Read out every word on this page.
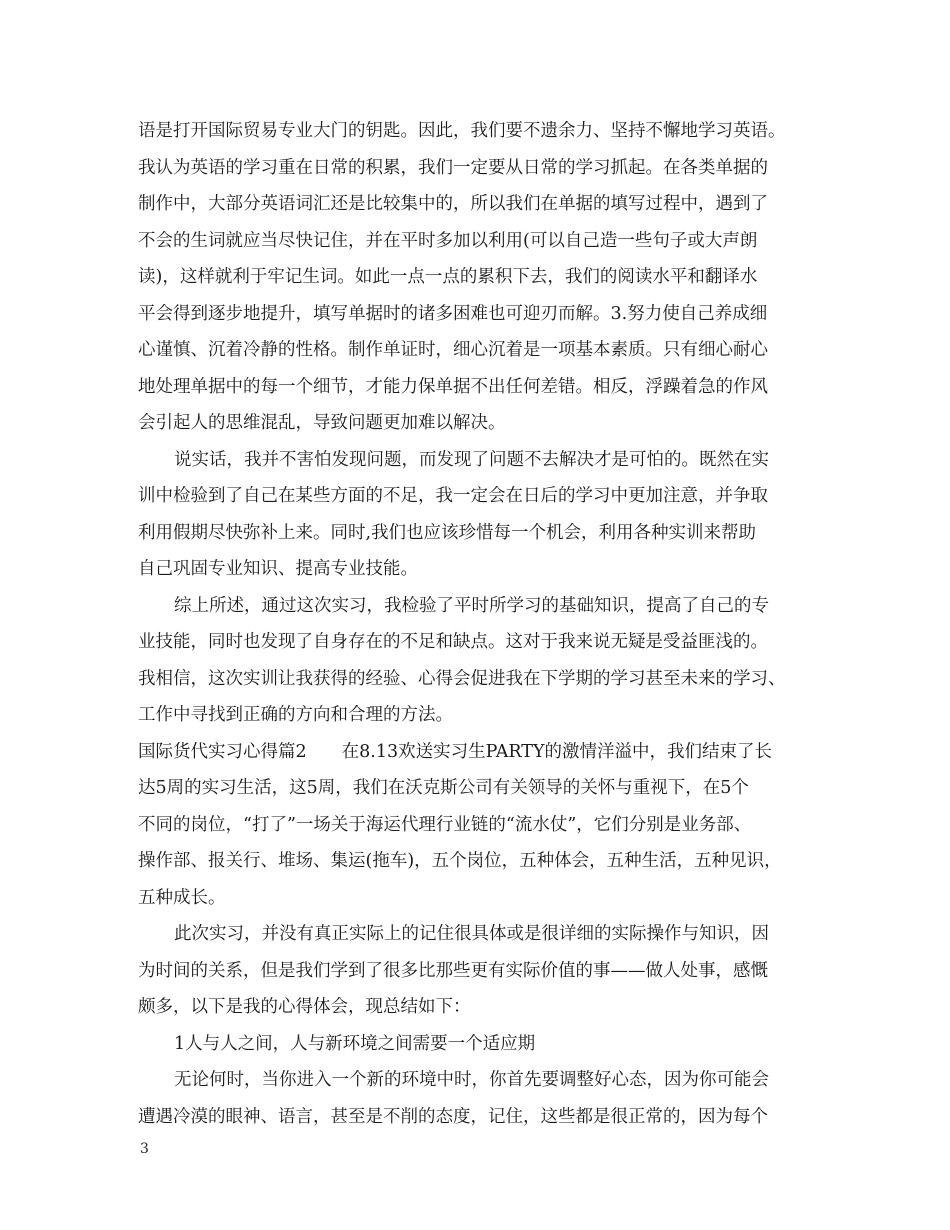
语是打开国际贸易专业大门的钥匙。因此，我们要不遗余力、坚持不懈地学习英语。
我认为英语的学习重在日常的积累，我们一定要从日常的学习抓起。在各类单据的
制作中，大部分英语词汇还是比较集中的，所以我们在单据的填写过程中，遇到了
不会的生词就应当尽快记住，并在平时多加以利用(可以自己造一些句子或大声朗
读)，这样就利于牢记生词。如此一点一点的累积下去，我们的阅读水平和翻译水
平会得到逐步地提升，填写单据时的诸多困难也可迎刃而解。3.努力使自己养成细
心谨慎、沉着冷静的性格。制作单证时，细心沉着是一项基本素质。只有细心耐心
地处理单据中的每一个细节，才能力保单据不出任何差错。相反，浮躁着急的作风
会引起人的思维混乱，导致问题更加难以解决。
说实话，我并不害怕发现问题，而发现了问题不去解决才是可怕的。既然在实
训中检验到了自己在某些方面的不足，我一定会在日后的学习中更加注意，并争取
利用假期尽快弥补上来。同时,我们也应该珍惜每一个机会，利用各种实训来帮助
自己巩固专业知识、提高专业技能。
综上所述，通过这次实习，我检验了平时所学习的基础知识，提高了自己的专
业技能，同时也发现了自身存在的不足和缺点。这对于我来说无疑是受益匪浅的。
我相信，这次实训让我获得的经验、心得会促进我在下学期的学习甚至未来的学习、
工作中寻找到正确的方向和合理的方法。
国际货代实习心得篇2　　在8.13欢送实习生PARTY的激情洋溢中，我们结束了长
达5周的实习生活，这5周，我们在沃克斯公司有关领导的关怀与重视下，在5个
不同的岗位，“打了”一场关于海运代理行业链的“流水仗”，它们分别是业务部、
操作部、报关行、堆场、集运(拖车)，五个岗位，五种体会，五种生活，五种见识，
五种成长。
此次实习，并没有真正实际上的记住很具体或是很详细的实际操作与知识，因
为时间的关系，但是我们学到了很多比那些更有实际价值的事——做人处事，感慨
颇多，以下是我的心得体会，现总结如下：
1人与人之间，人与新环境之间需要一个适应期
无论何时，当你进入一个新的环境中时，你首先要调整好心态，因为你可能会
遭遇冷漠的眼神、语言，甚至是不削的态度，记住，这些都是很正常的，因为每个
3
